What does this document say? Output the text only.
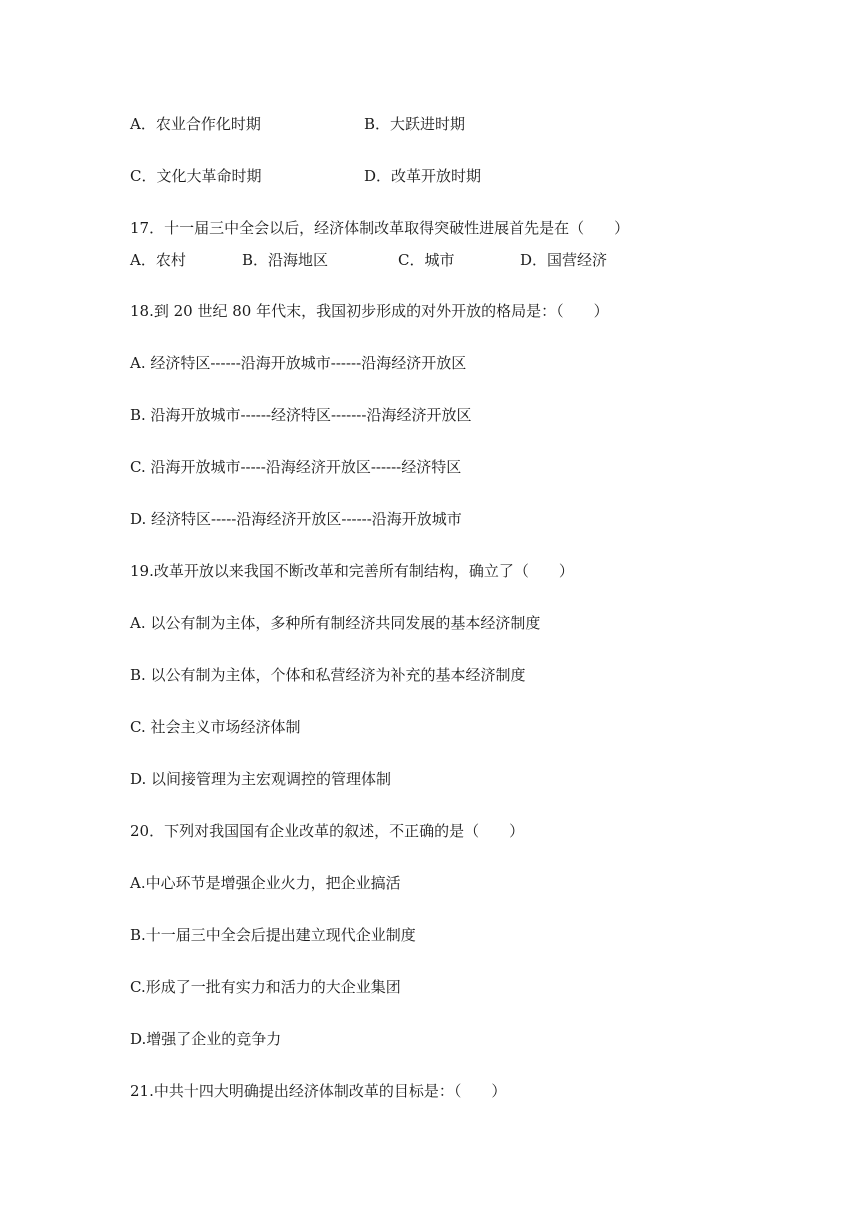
A．农业合作化时期

	B．大跃进时期

C．文化大革命时期

	D．改革开放时期

17．十一届三中全会以后，经济体制改革取得突破性进展首先是在（　　）

A．农村

	B．沿海地区

	C．城市

	D．国营经济

18.到 20 世纪 80 年代末，我国初步形成的对外开放的格局是：（　　）
A. 经济特区------沿海开放城市------沿海经济开放区
B. 沿海开放城市------经济特区-------沿海经济开放区
C. 沿海开放城市-----沿海经济开放区------经济特区
D. 经济特区-----沿海经济开放区------沿海开放城市
19.改革开放以来我国不断改革和完善所有制结构，确立了（　　）
A. 以公有制为主体，多种所有制经济共同发展的基本经济制度
B. 以公有制为主体，个体和私营经济为补充的基本经济制度
C. 社会主义市场经济体制
D. 以间接管理为主宏观调控的管理体制
20．下列对我国国有企业改革的叙述，不正确的是（　　）
A.中心环节是增强企业火力，把企业搞活
B.十一届三中全会后提出建立现代企业制度
C.形成了一批有实力和活力的大企业集团
D.增强了企业的竞争力
21.中共十四大明确提出经济体制改革的目标是：（　　）
